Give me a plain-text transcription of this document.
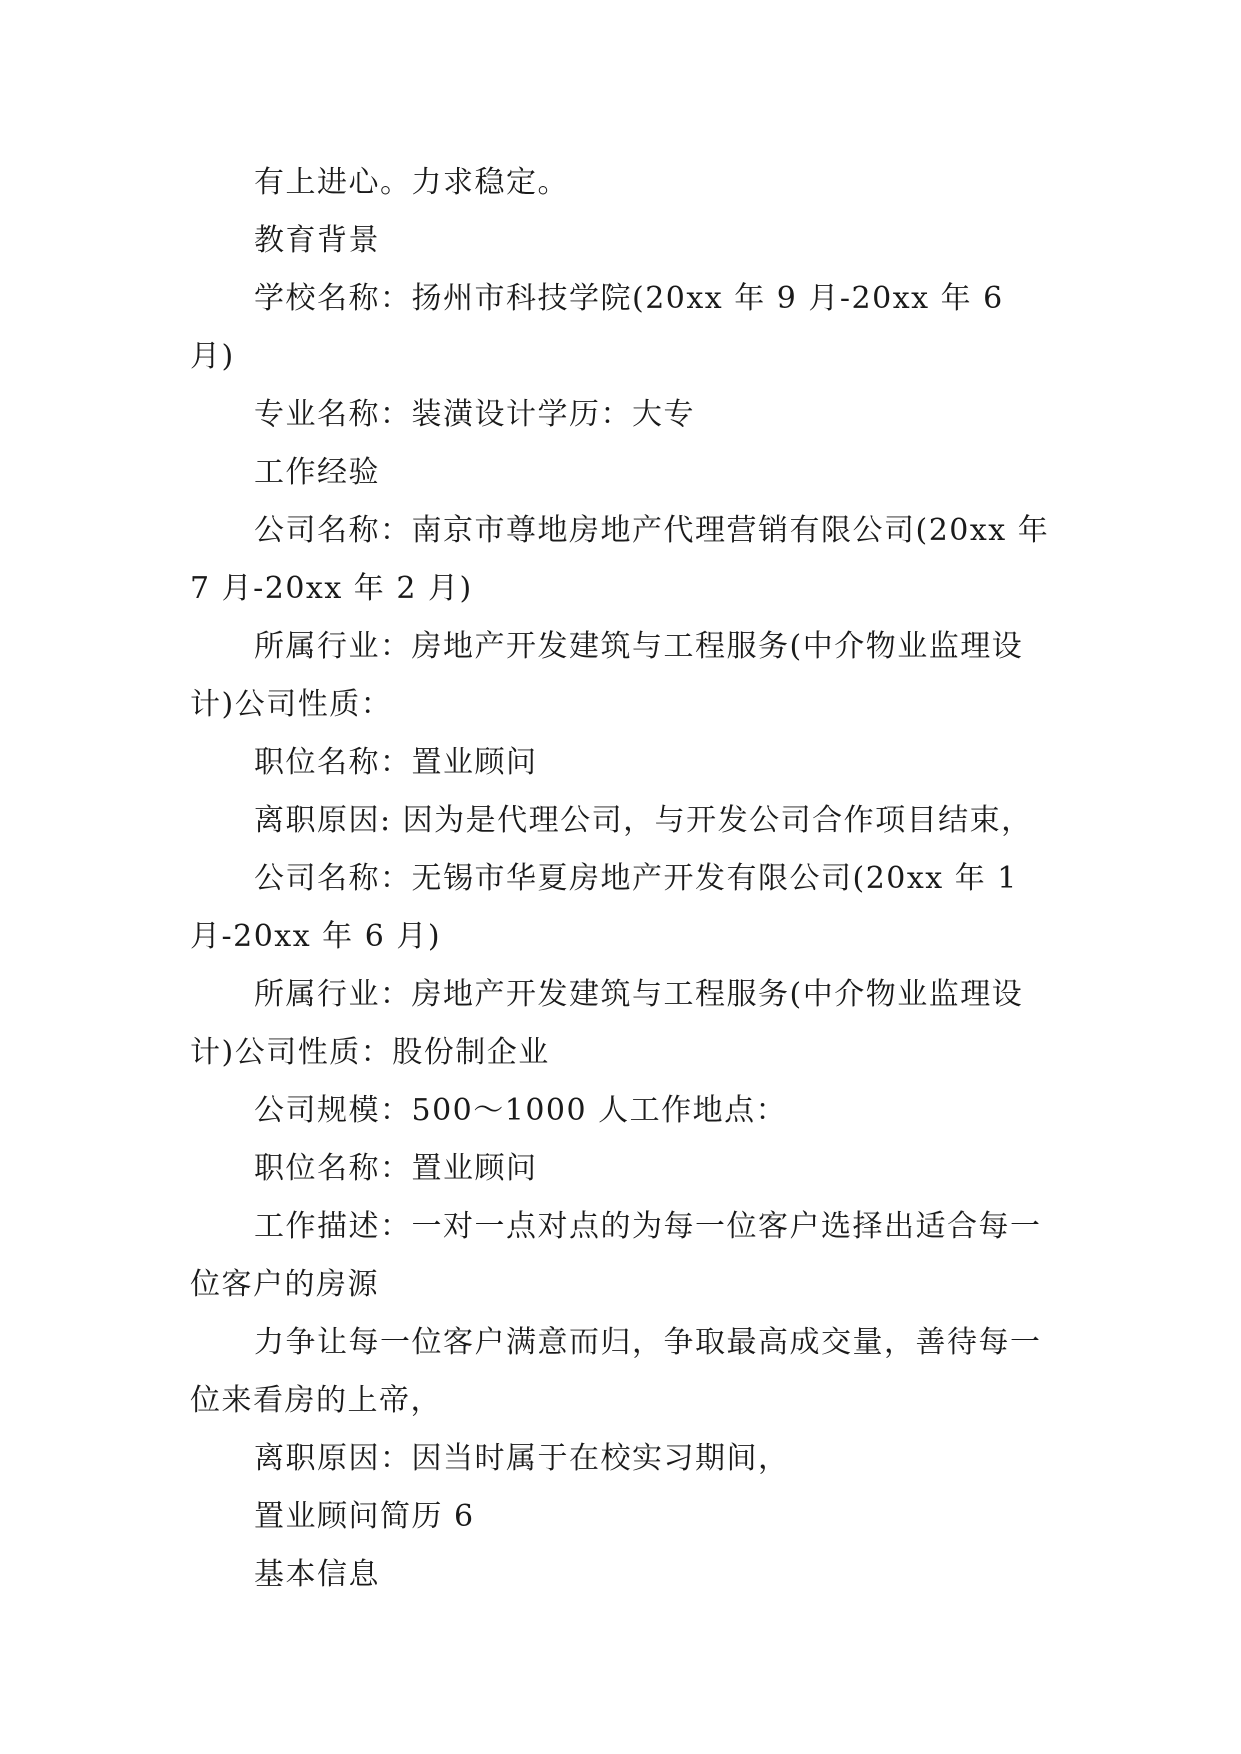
有上进心。力求稳定。

教育背景

学校名称：扬州市科技学院(20xx 年 9 月-20xx 年 6 月)

专业名称：装潢设计学历：大专

工作经验

公司名称：南京市尊地房地产代理营销有限公司(20xx 年 7 月-20xx 年 2 月)

所属行业：房地产开发建筑与工程服务(中介物业监理设计)公司性质：

职位名称：置业顾问

离职原因: 因为是代理公司，与开发公司合作项目结束，

公司名称：无锡市华夏房地产开发有限公司(20xx 年 1 月-20xx 年 6 月)

所属行业：房地产开发建筑与工程服务(中介物业监理设计)公司性质：股份制企业

公司规模：500～1000 人工作地点：

职位名称：置业顾问

工作描述：一对一点对点的为每一位客户选择出适合每一位客户的房源

力争让每一位客户满意而归，争取最高成交量，善待每一位来看房的上帝，

离职原因：因当时属于在校实习期间，

置业顾问简历 6

基本信息
